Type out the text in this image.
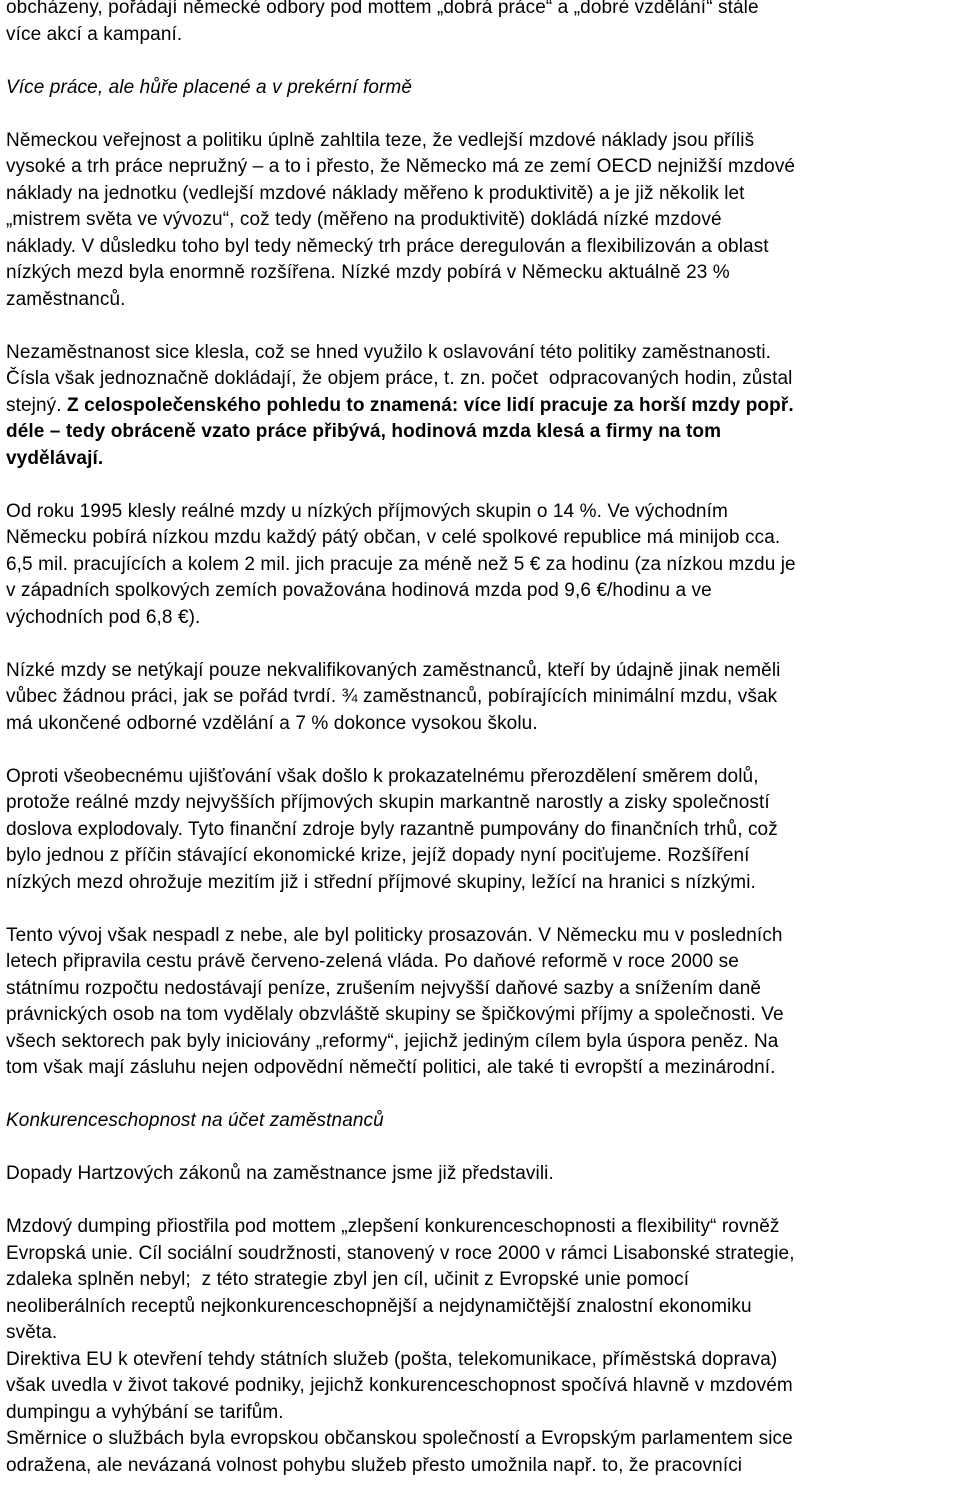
obcházeny, pořádají německé odbory pod mottem „dobrá práce“ a „dobré vzdělání“ stále
více akcí a kampaní.
Více práce, ale hůře placené a v prekérní formě
Německou veřejnost a politiku úplně zahltila teze, že vedlejší mzdové náklady jsou příliš
vysoké a trh práce nepružný – a to i přesto, že Německo má ze zemí OECD nejnižší mzdové
náklady na jednotku (vedlejší mzdové náklady měřeno k produktivitě) a je již několik let
„mistrem světa ve vývozu“, což tedy (měřeno na produktivitě) dokládá nízké mzdové
náklady. V důsledku toho byl tedy německý trh práce deregulován a flexibilizován a oblast
nízkých mezd byla enormně rozšířena. Nízké mzdy pobírá v Německu aktuálně 23 %
zaměstnanců.
Nezaměstnanost sice klesla, což se hned využilo k oslavování této politiky zaměstnanosti.
Čísla však jednoznačně dokládají, že objem práce, t. zn. počet  odpracovaných hodin, zůstal
stejný. Z celospolečenského pohledu to znamená: více lidí pracuje za horší mzdy popř.
déle – tedy obráceně vzato práce přibývá, hodinová mzda klesá a firmy na tom
vydělávají.
Od roku 1995 klesly reálné mzdy u nízkých příjmových skupin o 14 %. Ve východním
Německu pobírá nízkou mzdu každý pátý občan, v celé spolkové republice má minijob cca.
6,5 mil. pracujících a kolem 2 mil. jich pracuje za méně než 5 € za hodinu (za nízkou mzdu je
v západních spolkových zemích považována hodinová mzda pod 9,6 €/hodinu a ve
východních pod 6,8 €).
Nízké mzdy se netýkají pouze nekvalifikovaných zaměstnanců, kteří by údajně jinak neměli
vůbec žádnou práci, jak se pořád tvrdí. ¾ zaměstnanců, pobírajících minimální mzdu, však
má ukončené odborné vzdělání a 7 % dokonce vysokou školu.
Oproti všeobecnému ujišťování však došlo k prokazatelnému přerozdělení směrem dolů,
protože reálné mzdy nejvyšších příjmových skupin markantně narostly a zisky společností
doslova explodovaly. Tyto finanční zdroje byly razantně pumpovány do finančních trhů, což
bylo jednou z příčin stávající ekonomické krize, jejíž dopady nyní pociťujeme. Rozšíření
nízkých mezd ohrožuje mezitím již i střední příjmové skupiny, ležící na hranici s nízkými.
Tento vývoj však nespadl z nebe, ale byl politicky prosazován. V Německu mu v posledních
letech připravila cestu právě červeno-zelená vláda. Po daňové reformě v roce 2000 se
státnímu rozpočtu nedostávají peníze, zrušením nejvyšší daňové sazby a snížením daně
právnických osob na tom vydělaly obzvláště skupiny se špičkovými příjmy a společnosti. Ve
všech sektorech pak byly iniciovány „reformy“, jejichž jediným cílem byla úspora peněz. Na
tom však mají zásluhu nejen odpovědní němečtí politici, ale také ti evropští a mezinárodní.
Konkurenceschopnost na účet zaměstnanců
Dopady Hartzových zákonů na zaměstnance jsme již představili.
Mzdový dumping přiostřila pod mottem „zlepšení konkurenceschopnosti a flexibility“ rovněž
Evropská unie. Cíl sociální soudržnosti, stanovený v roce 2000 v rámci Lisabonské strategie,
zdaleka splněn nebyl;  z této strategie zbyl jen cíl, učinit z Evropské unie pomocí
neoliberálních receptů nejkonkurenceschopnější a nejdynamičtější znalostní ekonomiku
světa.
Direktiva EU k otevření tehdy státních služeb (pošta, telekomunikace, příměstská doprava)
však uvedla v život takové podniky, jejichž konkurenceschopnost spočívá hlavně v mzdovém
dumpingu a vyhýbání se tarifům.
Směrnice o službách byla evropskou občanskou společností a Evropským parlamentem sice
odražena, ale nevázaná volnost pohybu služeb přesto umožnila např. to, že pracovníci
